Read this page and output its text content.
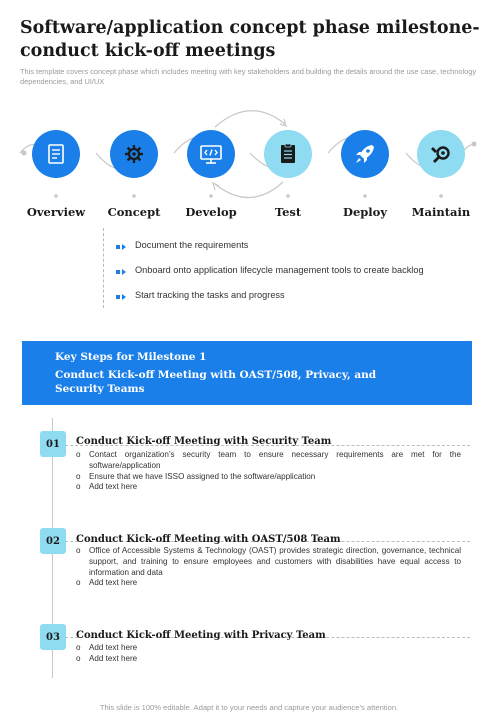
Software/application concept phase milestone- conduct kick-off meetings
This template covers concept phase which includes meeting with key stakeholders and building the details around the use case, technology dependencies, and UI/UX
Overview	Concept	Develop	Test	Deploy	Maintain
Document the requirements
Onboard onto application lifecycle management tools to create backlog
Start tracking the tasks and progress
Key Steps for Milestone 1
Conduct Kick-off Meeting with OAST/508, Privacy, and Security Teams
01	Conduct Kick-off Meeting with Security Team
o Contact organization’s security team to ensure necessary requirements are met for the software/application
o Ensure that we have ISSO assigned to the software/application
o Add text here
02	Conduct Kick-off Meeting with OAST/508 Team
o Office of Accessible Systems & Technology (OAST) provides strategic direction, governance, technical support, and training to ensure employees and customers with disabilities have equal access to information and data
o Add text here
03	Conduct Kick-off Meeting with Privacy Team
o Add text here
o Add text here
This slide is 100% editable. Adapt it to your needs and capture your audience’s attention.
